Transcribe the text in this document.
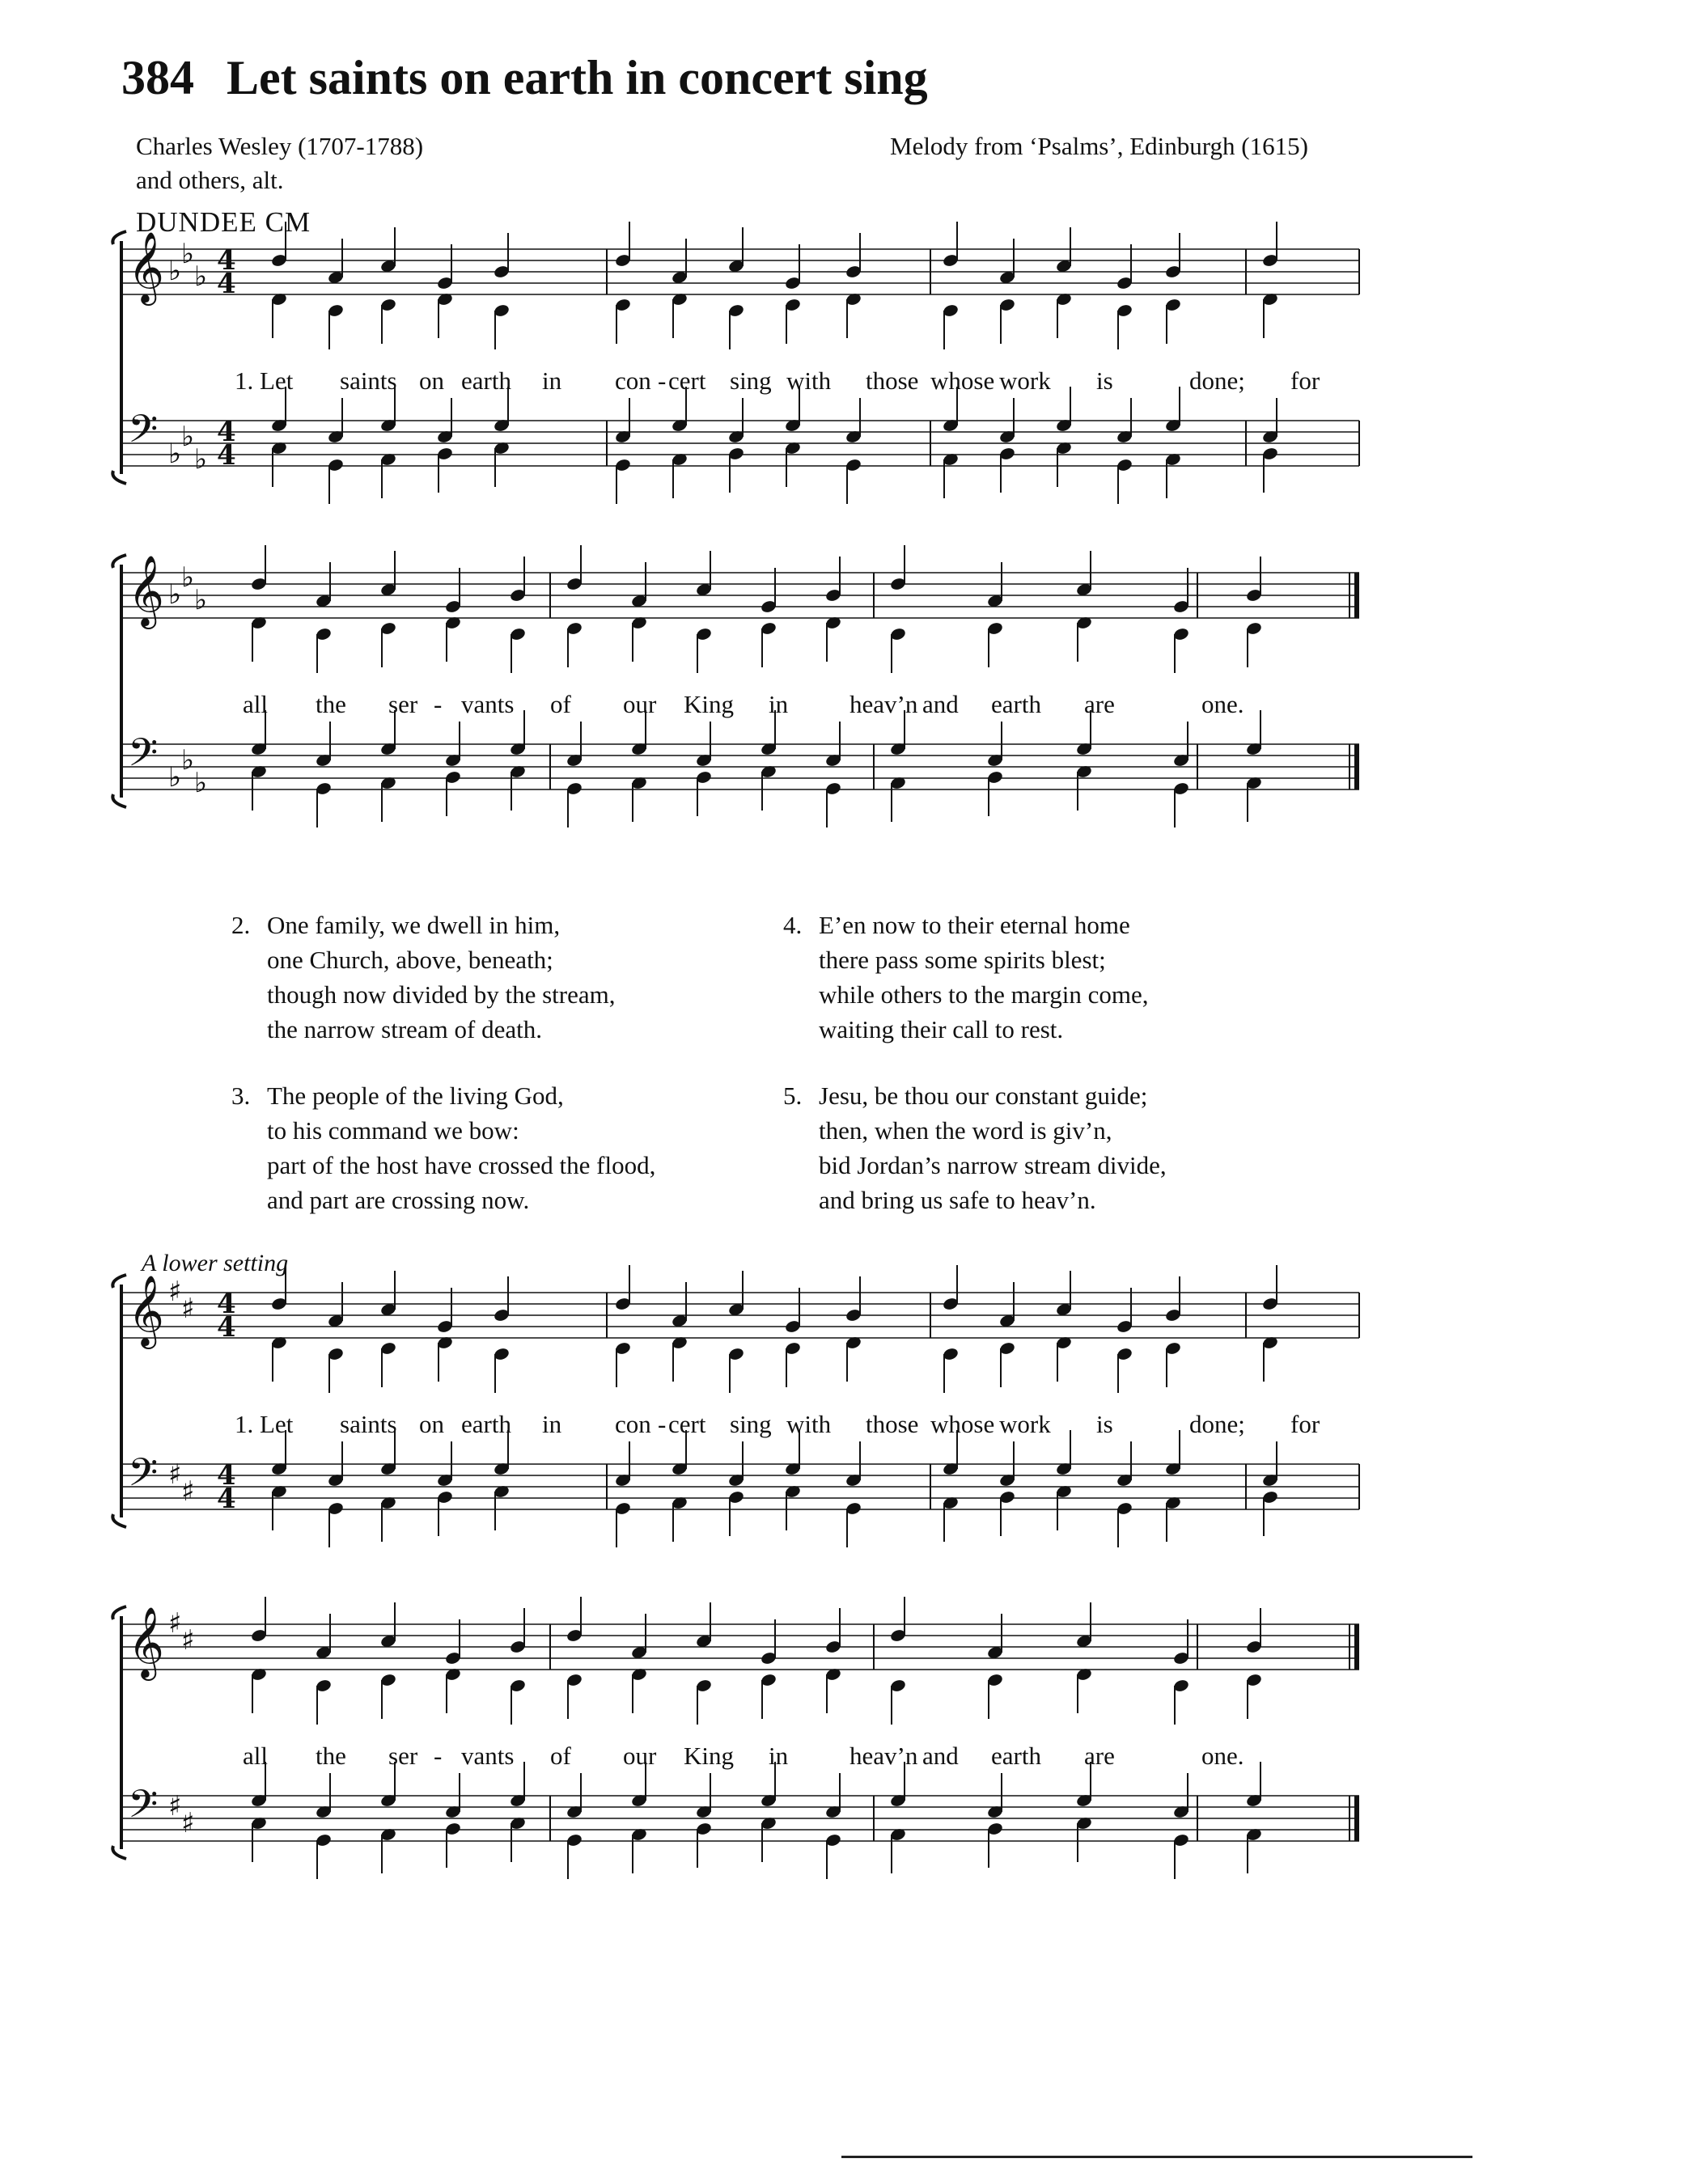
384 Let saints on earth in concert sing
Charles Wesley (1707-1788)
and others, alt.
Melody from ‘Psalms’, Edinburgh (1615)
DUNDEE CM
𝄞
𝄢
♭
♭
♭
♭
♭
♭
4
4
4
4
1. Let saints on earth in con - cert sing with those whose work is	done; for
𝄞
𝄢
♭
♭
♭
♭
♭
♭
all the ser - vants of our King in heav’n and earth are	one.
2. One family, we dwell in him,
one Church, above, beneath;
though now divided by the stream,
the narrow stream of death.
3. The people of the living God,
to his command we bow:
part of the host have crossed the flood,
and part are crossing now.
4. E’en now to their eternal home
there pass some spirits blest;
while others to the margin come,
waiting their call to rest.
5. Jesu, be thou our constant guide;
then, when the word is giv’n,
bid Jordan’s narrow stream divide,
and bring us safe to heav’n.
A lower setting
𝄞
𝄢
♯
♯
♯
♯
4
4
4
4
1. Let saints on earth in con - cert sing with those whose work is	done; for
𝄞
𝄢
♯
♯
♯
♯
all the ser - vants of our King in heav’n and earth are	one.
